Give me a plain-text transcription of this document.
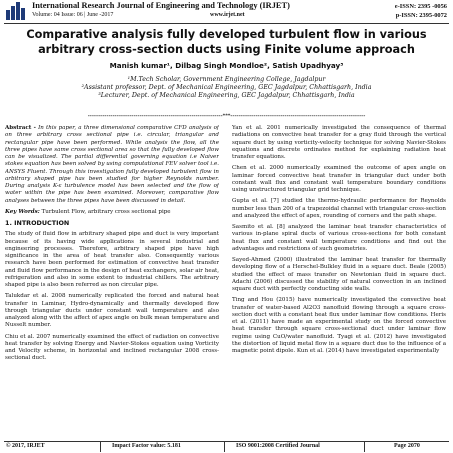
International Research Journal of Engineering and Technology (IRJET)
Volume: 04 Issue: 06 | June -2017	www.irjet.net
e-ISSN: 2395 -0056
p-ISSN: 2395-0072
Comparative analysis fully developed turbulent flow in various arbitrary cross-section ducts using Finite volume approach
Manish kumar¹, Dilbag Singh Mondloe², Satish Upadhyay³
¹M.Tech Scholar, Government Engineering College, Jagdalpur
²Assistant professor, Dept. of Mechanical Engineering, GEC Jagdalpur, Chhattisgarh, India
³Lecturer, Dept. of Mechanical Engineering, GEC Jagdalpur, Chhattisgarh, India
-----------------------------------------------------------------***-----------------------------------------------------------------

Abstract - In this paper, a three dimensional comparative CFD analysis of on three arbitrary cross sectional pipe i.e. circular, triangular and rectangular pipe have been performed. While analysis the flow, all the three pipes have same cross sectional area so that the fully developed flow can be visualized. The partial differential governing equation i.e Naiver stokes equation has been solved by using computational FEV solver tool i.e. ANSYS Fluent. Through this investigation fully developed turbulent flow in arbitrary shaped pipe has been studied for higher Reynolds number. During analysis K-ε turbulence model has been selected and the flow of water within the pipe has been examined. Moreover, comparative flow analyses between the three pipes have been discussed in detail.

Key Words: Turbulent Flow, arbitrary cross sectional pipe

1. INTRODUCTION

The study of fluid flow in arbitrary shaped pipe and duct is very important because of its having wide applications in several industrial and engineering processes. Therefore, arbitrary shaped pipe have high significance in the area of heat transfer also. Consequently various research have been performed for estimation of convective heat transfer and fluid flow performance in the design of heat exchangers, solar air heat, refrigeration and also in some extent to industrial chillers. The arbitrary shaped pipe is also been referred as non circular pipe.

Talukdar et al. 2008 numerically replicated the forced and natural heat transfer in Laminar, Hydro-dynamically and thermally developed flow through triangular ducts under constant wall temperature and also analyzed along with the affect of apex angle on bulk mean temperature and Nusselt number.

Chiu et al. 2007 numerically examined the effect of radiation on convective heat transfer by solving Energy and Navier-Stokes equation using Vorticity and Velocity scheme, in horizontal and inclined rectangular 2008 cross-sectional duct.

Yan et al. 2001 numerically investigated the consequence of thermal radiations on convective heat transfer for a gray fluid through the vertical square duct by using vorticity-velocity technique for solving Navier-Stokes equations and discrete ordinates method for explaining radiation heat transfer equations.

Chen et al. 2000 numerically examined the outcome of apex angle on laminar forced convective heat transfer in triangular duct under both constant wall flux and constant wall temperature boundary conditions using unstructured triangular grid technique.

Gupta et al. [7] studied the thermo-hydraulic performance for Reynolds number less than 200 of a trapezoidal channel with triangular cross-section and analyzed the effect of apex, rounding of corners and the path shape.

Sasmito et al. [8] analyzed the laminar heat transfer characteristics of various in-plane spiral ducts of various cross-sections for both constant heat flux and constant wall temperature conditions and find out the advantages and restrictions of such geometries.

Sayed-Ahmed (2000) illustrated the laminar heat transfer for thermally developing flow of a Herschel-Bulkley fluid in a square duct. Beale (2005) studied the effect of mass transfer on Newtonian fluid in square duct. Adachi (2006) discussed the stability of natural convection in an inclined square duct with perfectly conducting side walls.

Ting and Hou (2015) have numerically investigated the convective heat transfer of water-based Al2O3 nanofluid flowing through a square cross-section duct with a constant heat flux under laminar flow conditions. Heris et al. (2011) have made an experimental study on the forced convective heat transfer through square cross-sectional duct under laminar flow regime using CuO/water nanofluid. Tyagi et al. (2012) have investigated the distortion of liquid metal flow in a square duct due to the influence of a magnetic point dipole. Kun et al. (2014) have investigated experimentally

© 2017, IRJET	Impact Factor value: 5.181	ISO 9001:2008 Certified Journal	Page 2070
